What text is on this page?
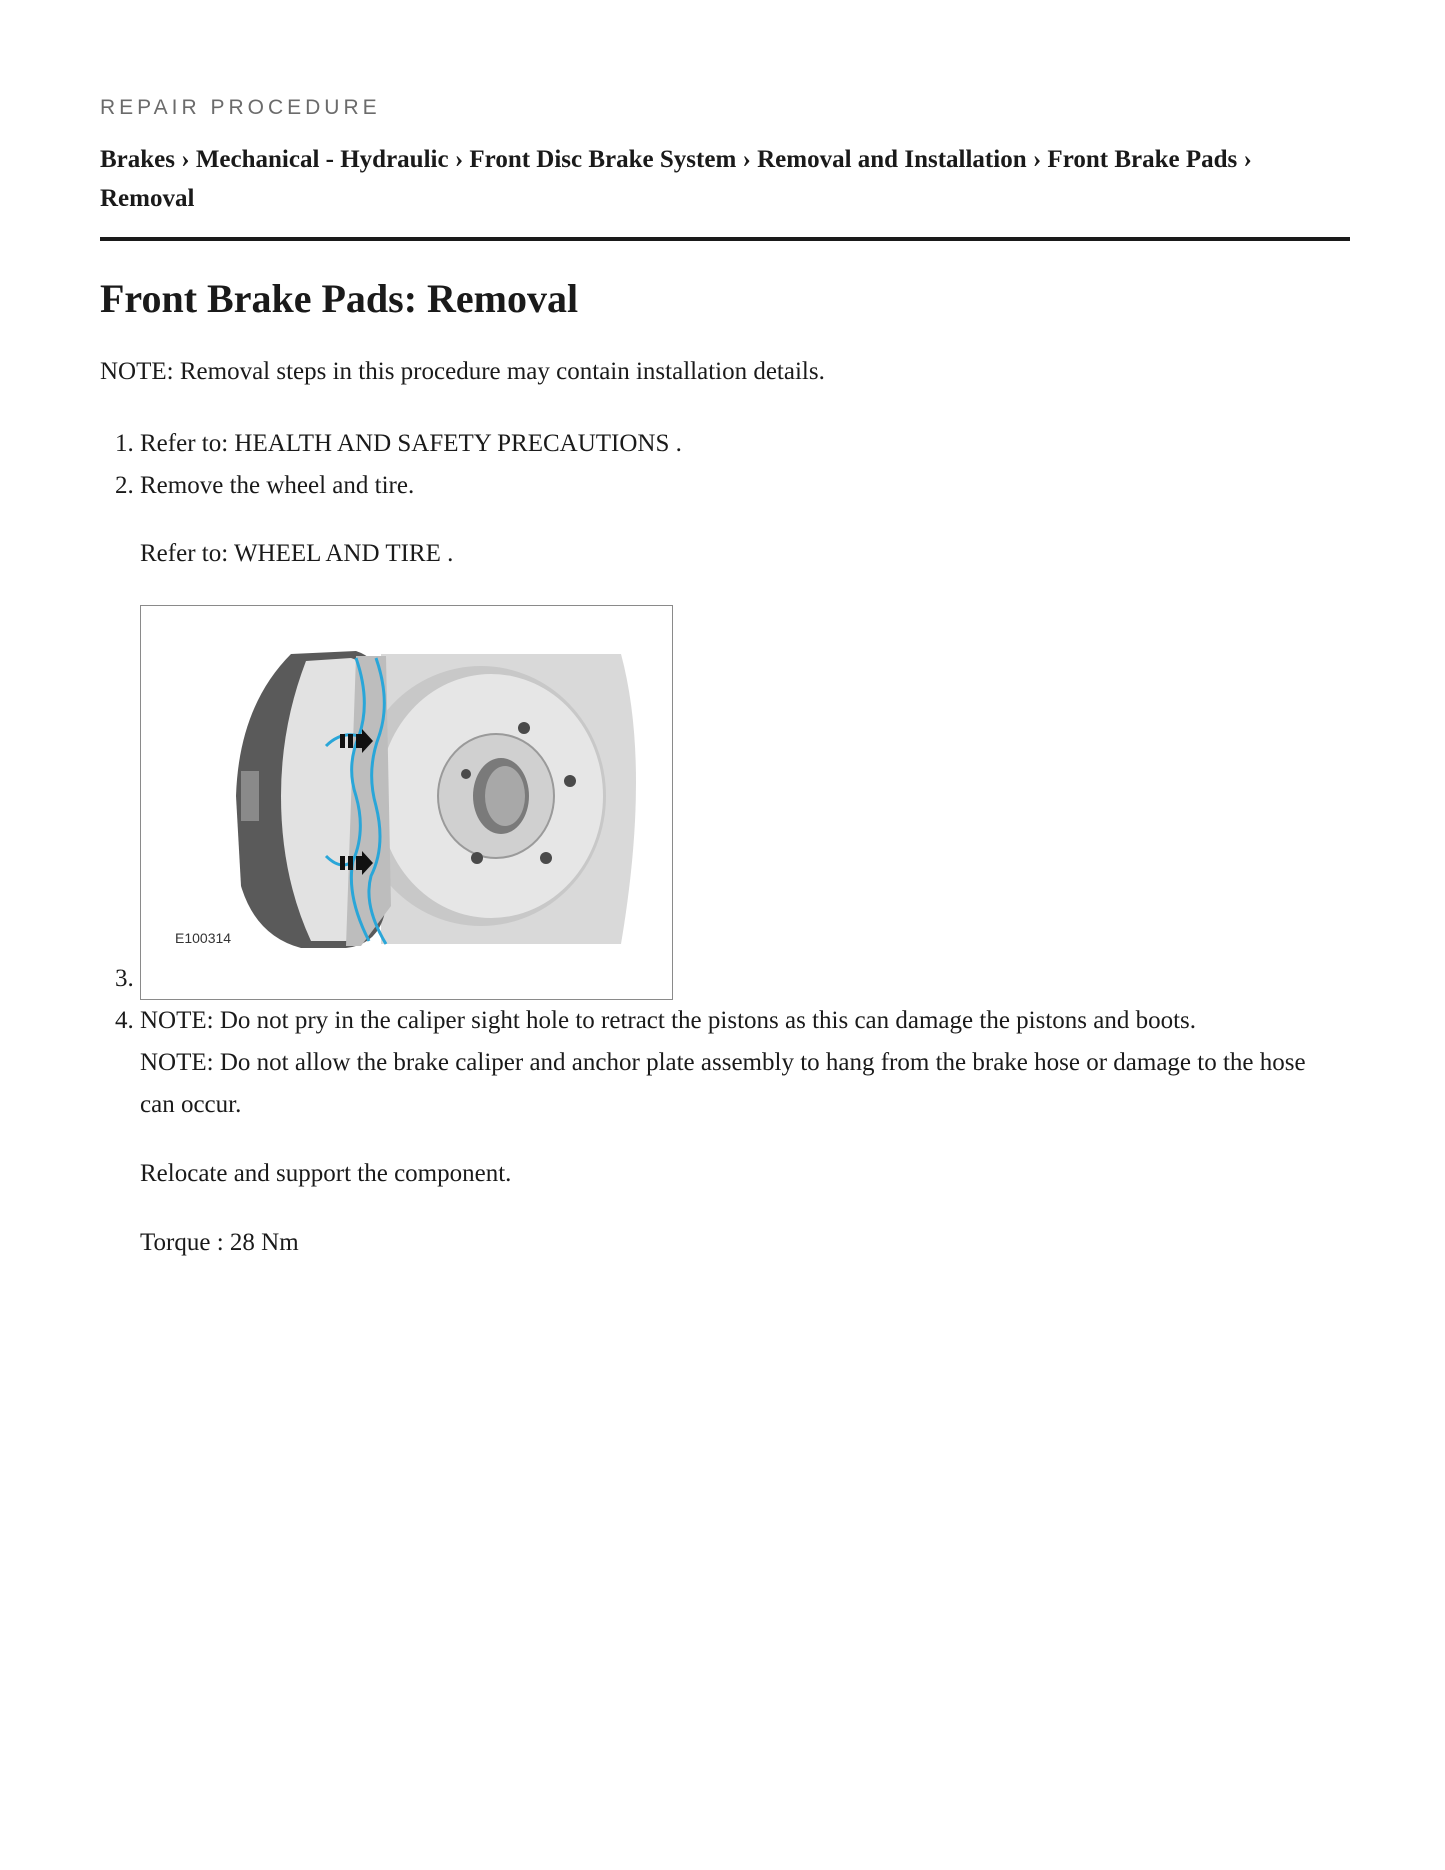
REPAIR PROCEDURE

Brakes › Mechanical - Hydraulic › Front Disc Brake System › Removal and Installation › Front Brake Pads › Removal

Front Brake Pads: Removal

NOTE: Removal steps in this procedure may contain installation details.

1. Refer to: HEALTH AND SAFETY PRECAUTIONS .
2. Remove the wheel and tire.

Refer to: WHEEL AND TIRE .

3. E100314

4. NOTE: Do not pry in the caliper sight hole to retract the pistons as this can damage the pistons and boots.

NOTE: Do not allow the brake caliper and anchor plate assembly to hang from the brake hose or damage to the hose can occur.

Relocate and support the component.

Torque : 28 Nm
